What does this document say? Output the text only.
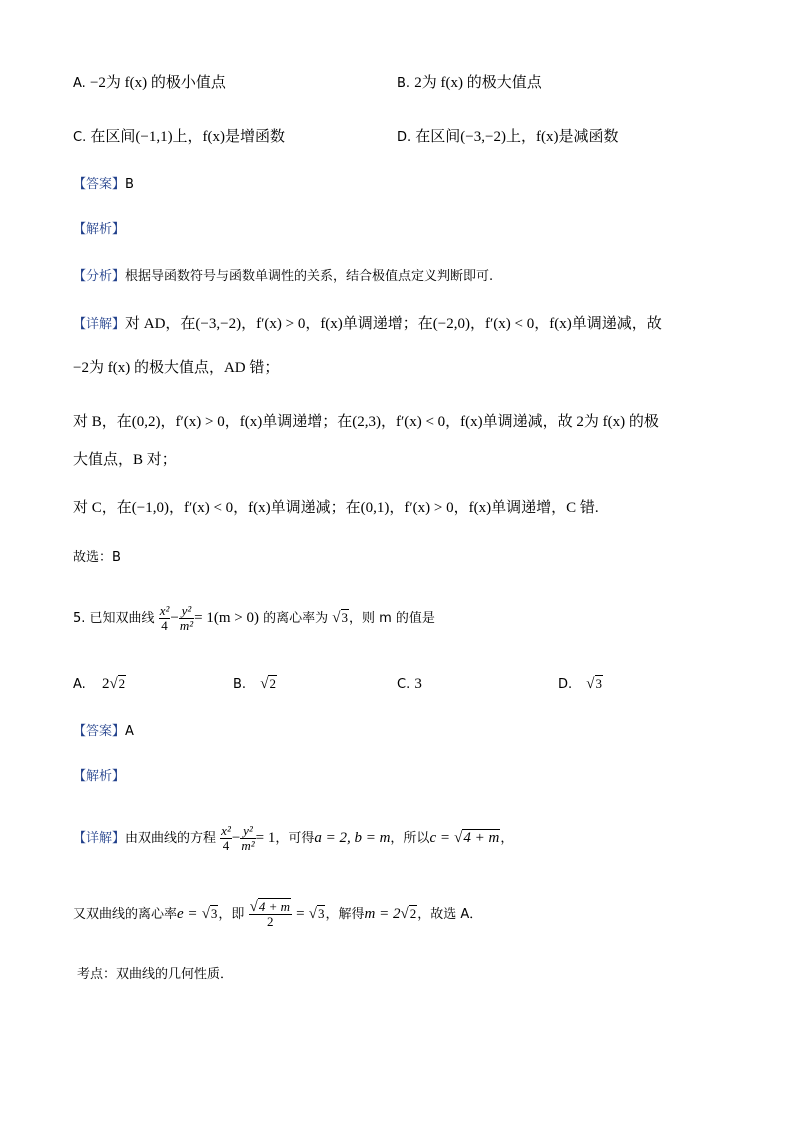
A. −2为 f(x) 的极小值点	B. 2为 f(x) 的极大值点
C. 在区间(−1,1)上，f(x)是增函数	D. 在区间(−3,−2)上，f(x)是减函数
【答案】B
【解析】
【分析】根据导函数符号与函数单调性的关系，结合极值点定义判断即可.
【详解】对 AD，在(−3,−2)，f′(x) > 0，f(x)单调递增；在(−2,0)，f′(x) < 0，f(x)单调递减，故
−2为 f(x) 的极大值点，AD 错；
对 B，在(0,2)，f′(x) > 0，f(x)单调递增；在(2,3)，f′(x) < 0，f(x)单调递减，故 2为 f(x) 的极
大值点，B 对；
对 C，在(−1,0)，f′(x) < 0，f(x)单调递减；在(0,1)，f′(x) > 0，f(x)单调递增，C 错.
故选：B
5. 已知双曲线 $\frac{\text{x²}}{4} - \frac{\text{y²}}{\text{m²}} = 1(m > 0)$ 的离心率为 √3，则 m 的值是
A. 2√2	B. √2	C. 3	D. √3
【答案】A
【解析】
【详解】由双曲线的方程 $\frac{\text{x²}}{4} - \frac{\text{y²}}{\text{m²}} = 1$，可得a = 2, b = m，所以c = √4 + m，
又双曲线的离心率e = √3，即 $\frac{√4 + m}{2} = √3$，解得m = 2√2，故选 A．
考点：双曲线的几何性质．
